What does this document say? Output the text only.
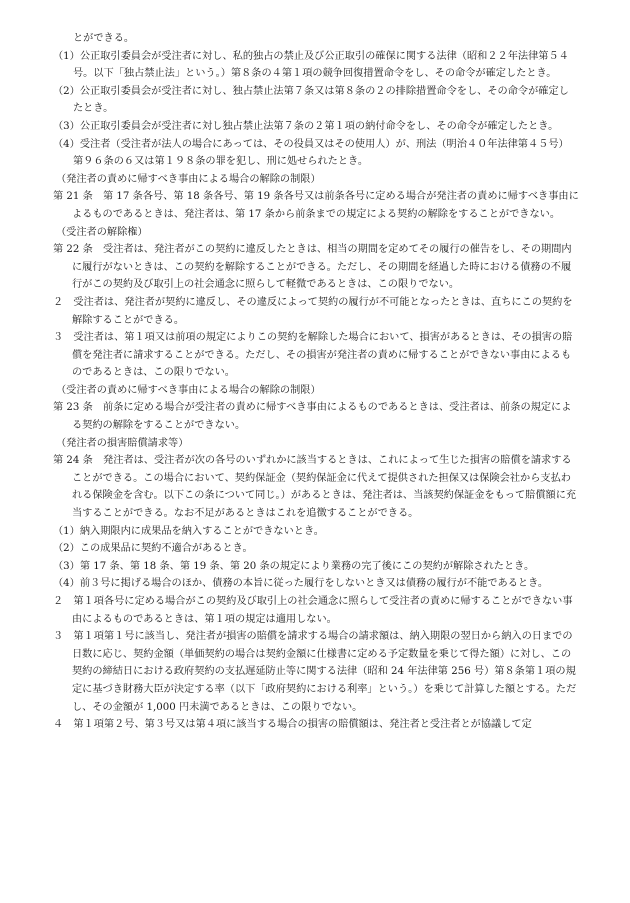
とができる。

（1）公正取引委員会が受注者に対し、私的独占の禁止及び公正取引の確保に関する法律（昭和２２年法律第５４号。以下「独占禁止法」という。）第８条の４第１項の競争回復措置命令をし、その命令が確定したとき。

（2）公正取引委員会が受注者に対し、独占禁止法第７条又は第８条の２の排除措置命令をし、その命令が確定したとき。

（3）公正取引委員会が受注者に対し独占禁止法第７条の２第１項の納付命令をし、その命令が確定したとき。

（4）受注者（受注者が法人の場合にあっては、その役員又はその使用人）が、刑法（明治４０年法律第４５号）第９６条の６又は第１９８条の罪を犯し、刑に処せられたとき。

（発注者の責めに帰すべき事由による場合の解除の制限）

第 21 条　第 17 条各号、第 18 条各号、第 19 条各号又は前条各号に定める場合が発注者の責めに帰すべき事由によるものであるときは、発注者は、第 17 条から前条までの規定による契約の解除をすることができない。

（受注者の解除権）

第 22 条　受注者は、発注者がこの契約に違反したときは、相当の期間を定めてその履行の催告をし、その期間内に履行がないときは、この契約を解除することができる。ただし、その期間を経過した時における債務の不履行がこの契約及び取引上の社会通念に照らして軽微であるときは、この限りでない。

２　受注者は、発注者が契約に違反し、その違反によって契約の履行が不可能となったときは、直ちにこの契約を解除することができる。

３　受注者は、第１項又は前項の規定によりこの契約を解除した場合において、損害があるときは、その損害の賠償を発注者に請求することができる。ただし、その損害が発注者の責めに帰することができない事由によるものであるときは、この限りでない。

（受注者の責めに帰すべき事由による場合の解除の制限）

第 23 条　前条に定める場合が受注者の責めに帰すべき事由によるものであるときは、受注者は、前条の規定による契約の解除をすることができない。

（発注者の損害賠償請求等）

第 24 条　発注者は、受注者が次の各号のいずれかに該当するときは、これによって生じた損害の賠償を請求することができる。この場合において、契約保証金（契約保証金に代えて提供された担保又は保険会社から支払われる保険金を含む。以下この条について同じ。）があるときは、発注者は、当該契約保証金をもって賠償額に充当することができる。なお不足があるときはこれを追徴することができる。

（1）納入期限内に成果品を納入することができないとき。

（2）この成果品に契約不適合があるとき。

（3）第 17 条、第 18 条、第 19 条、第 20 条の規定により業務の完了後にこの契約が解除されたとき。

（4）前３号に掲げる場合のほか、債務の本旨に従った履行をしないとき又は債務の履行が不能であるとき。

２　第１項各号に定める場合がこの契約及び取引上の社会通念に照らして受注者の責めに帰することができない事由によるものであるときは、第１項の規定は適用しない。

３　第１項第１号に該当し、発注者が損害の賠償を請求する場合の請求額は、納入期限の翌日から納入の日までの日数に応じ、契約金額（単価契約の場合は契約金額に仕様書に定める予定数量を乗じて得た額）に対し、この契約の締結日における政府契約の支払遅延防止等に関する法律（昭和 24 年法律第 256 号）第８条第１項の規定に基づき財務大臣が決定する率（以下「政府契約における利率」という。）を乗じて計算した額とする。ただし、その金額が 1,000 円未満であるときは、この限りでない。

４　第１項第２号、第３号又は第４項に該当する場合の損害の賠償額は、発注者と受注者とが協議して定
